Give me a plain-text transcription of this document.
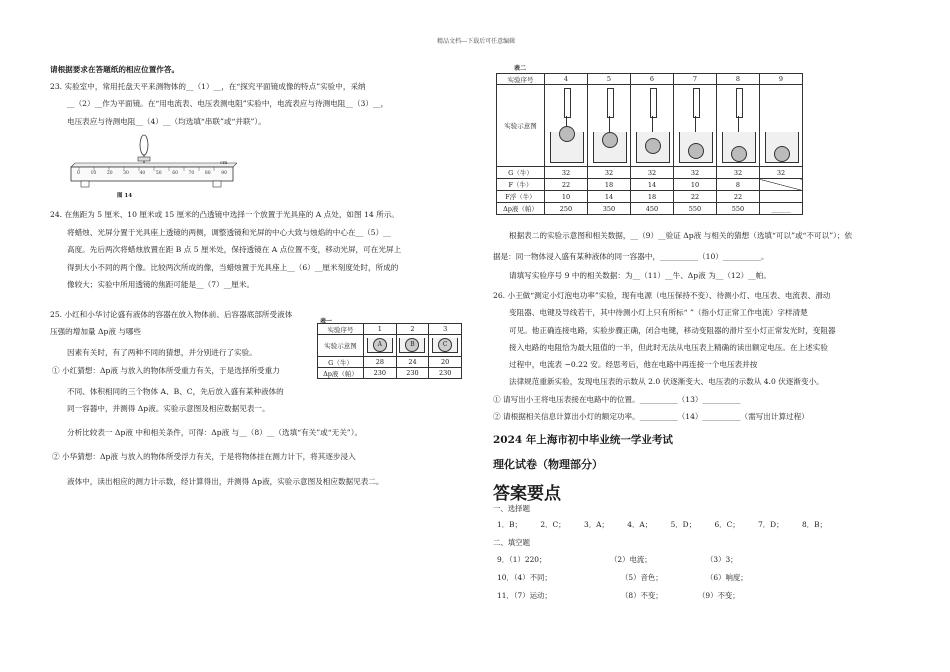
精品文档---下载后可任意编辑
请根据要求在答题纸的相应位置作答。
23. 实验室中，常用托盘天平来测物体的__（1）__，在“探究平面镜成像的特点”实验中，采纳
__（2）__作为平面镜。在“用电流表、电压表测电阻”实验中，电流表应与待测电阻__（3）__，
电压表应与待测电阻__（4）__（均选填“串联”或“并联”）。
0 10 20 30 40 50 60 70 80 90
cm
图 14
24. 在焦距为 5 厘米、10 厘米或 15 厘米的凸透镜中选择一个放置于光具座的 A 点处，如图 14 所示。
将蜡烛、光屏分置于光具座上透镜的两侧，调整透镜和光屏的中心大致与烛焰的中心在__（5）__
高度。先后两次将蜡烛放置在距 B 点 5 厘米处，保持透镜在 A 点位置不变，移动光屏，可在光屏上
得到大小不同的两个像。比较两次所成的像，当蜡烛置于光具座上__（6）__厘米刻度处时，所成的
像较大；实验中所用透镜的焦距可能是__（7）__厘米。
25. 小红和小华讨论盛有液体的容器在放入物体前、后容器底部所受液体
压强的增加量 Δp液 与哪些
因素有关时，有了两种不同的猜想，并分别进行了实验。
① 小红猜想：Δp液 与放入的物体所受重力有关，于是选择所受重力
不同、体积相同的三个物体 A、B、C，先后放入盛有某种液体的
同一容器中，并测得 Δp液。实验示意图及相应数据见表一。
分析比较表一 Δp液 中和相关条件，可得：Δp液 与__（8）__（选填“有关”或“无关”）。
② 小华猜想：Δp液 与放入的物体所受浮力有关，于是将物体挂在测力计下，将其逐步浸入
液体中，读出相应的测力计示数，经计算得出，并测得 Δp液，实验示意图及相应数据见表二。
表一
实验序号	1	2	3
实验示意图	A	B	C

G（牛）	28	24	20
Δp液（帕）	230	230	230
表二
实验序号	4	5	6	7	8	9
实验示意图	

G（牛）	32	32	32	32	32	32
F（牛）	22	18	14	10	8	
F浮（牛）	10	14	18	22	22	
Δp液（帕）	250	350	450	550	550	______
根据表二的实验示意图和相关数据，__（9）__验证 Δp液 与相关的猜想（选填“可以”或“不可以”）；依
据是：同一物体浸入盛有某种液体的同一容器中，__________（10）__________。
请填写实验序号 9 中的相关数据：为__（11）__牛、Δp液 为__（12）__帕。
26. 小王做“测定小灯泡电功率”实验，现有电源（电压保持不变）、待测小灯、电压表、电流表、滑动
变阻器、电键及导线若干，其中待测小灯上只有所标“ ”（指小灯正常工作电流）字样清楚
可见。他正确连接电路，实验步骤正确，闭合电键，移动变阻器的滑片至小灯正常发光时，变阻器
接入电路的电阻恰为最大阻值的一半，但此时无法从电压表上精确的读出额定电压。在上述实验
过程中，电流表 −0.22 安。经思考后，他在电路中再连接一个电压表并按
法律规范重新实验，发现电压表的示数从 2.0 伏逐渐变大、电压表的示数从 4.0 伏逐渐变小。
① 请写出小王将电压表接在电路中的位置。__________（13）__________
② 请根据相关信息计算出小灯的额定功率。__________（14）__________（需写出计算过程）
2024 年上海市初中毕业统一学业考试
理化试卷（物理部分）
答案要点
一、选择题
1．B； 2．C； 3．A； 4．A； 5．D； 6．C； 7．D； 8．B；
二、填空题
9．（1）220；	（2）电流；	（3）3；
10．（4）不同；	（5）音色；	（6）响度；
11．（7）运动；	（8）不变；	（9）不变；
